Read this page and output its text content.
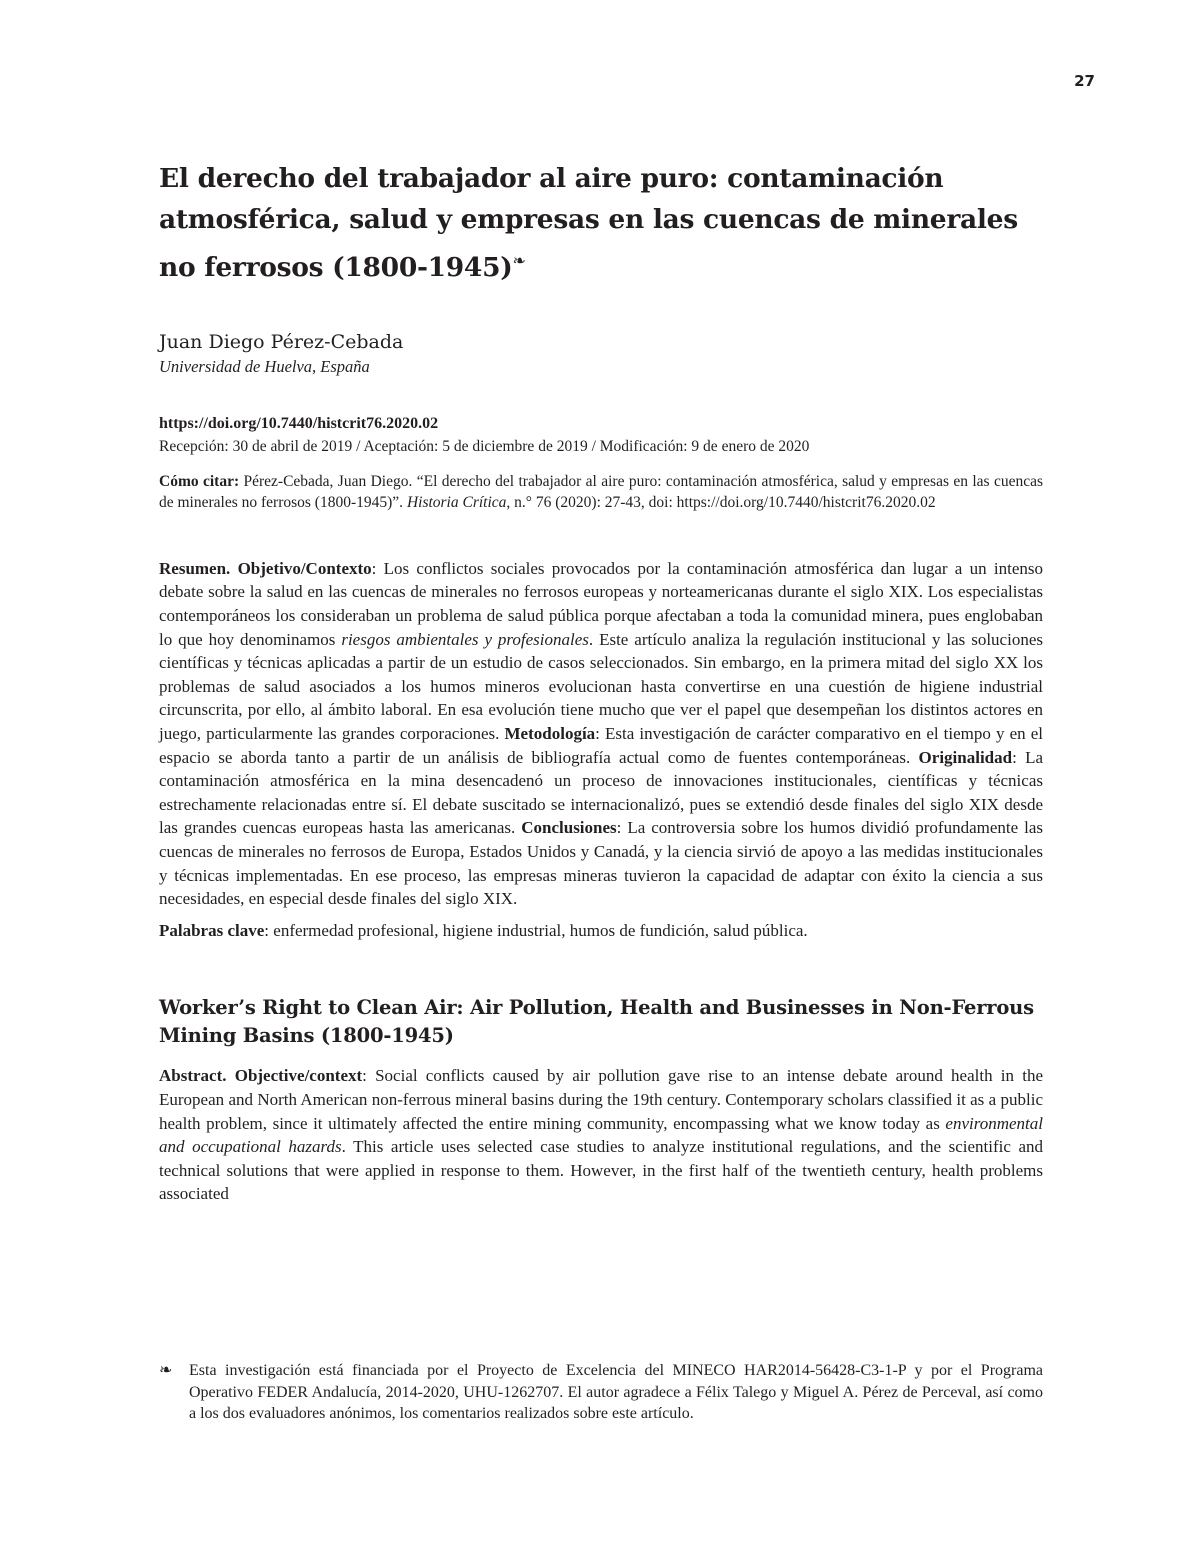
27
El derecho del trabajador al aire puro: contaminación atmosférica, salud y empresas en las cuencas de minerales no ferrosos (1800-1945)❧
Juan Diego Pérez-Cebada
Universidad de Huelva, España
https://doi.org/10.7440/histcrit76.2020.02
Recepción: 30 de abril de 2019 / Aceptación: 5 de diciembre de 2019 / Modificación: 9 de enero de 2020
Cómo citar: Pérez-Cebada, Juan Diego. “El derecho del trabajador al aire puro: contaminación atmosférica, salud y empresas en las cuencas de minerales no ferrosos (1800-1945)”. Historia Crítica, n.° 76 (2020): 27-43, doi: https://doi.org/10.7440/histcrit76.2020.02
Resumen. Objetivo/Contexto: Los conflictos sociales provocados por la contaminación atmosférica dan lugar a un intenso debate sobre la salud en las cuencas de minerales no ferrosos europeas y norteamericanas durante el siglo XIX. Los especialistas contemporáneos los consideraban un problema de salud pública porque afectaban a toda la comunidad minera, pues englobaban lo que hoy denominamos riesgos ambientales y profesionales. Este artículo analiza la regulación institucional y las soluciones científicas y técnicas aplicadas a partir de un estudio de casos seleccionados. Sin embargo, en la primera mitad del siglo XX los problemas de salud asociados a los humos mineros evolucionan hasta convertirse en una cuestión de higiene industrial circunscrita, por ello, al ámbito laboral. En esa evolución tiene mucho que ver el papel que desempeñan los distintos actores en juego, particularmente las grandes corporaciones. Metodología: Esta investigación de carácter comparativo en el tiempo y en el espacio se aborda tanto a partir de un análisis de bibliografía actual como de fuentes contemporáneas. Originalidad: La contaminación atmosférica en la mina desencadenó un proceso de innovaciones institucionales, científicas y técnicas estrechamente relacionadas entre sí. El debate suscitado se internacionalizó, pues se extendió desde finales del siglo XIX desde las grandes cuencas europeas hasta las americanas. Conclusiones: La controversia sobre los humos dividió profundamente las cuencas de minerales no ferrosos de Europa, Estados Unidos y Canadá, y la ciencia sirvió de apoyo a las medidas institucionales y técnicas implementadas. En ese proceso, las empresas mineras tuvieron la capacidad de adaptar con éxito la ciencia a sus necesidades, en especial desde finales del siglo XIX.
Palabras clave: enfermedad profesional, higiene industrial, humos de fundición, salud pública.
Worker’s Right to Clean Air: Air Pollution, Health and Businesses in Non-Ferrous Mining Basins (1800-1945)
Abstract. Objective/context: Social conflicts caused by air pollution gave rise to an intense debate around health in the European and North American non-ferrous mineral basins during the 19th century. Contemporary scholars classified it as a public health problem, since it ultimately affected the entire mining community, encompassing what we know today as environmental and occupational hazards. This article uses selected case studies to analyze institutional regulations, and the scientific and technical solutions that were applied in response to them. However, in the first half of the twentieth century, health problems associated
❧	Esta investigación está financiada por el Proyecto de Excelencia del MINECO HAR2014-56428-C3-1-P y por el Programa Operativo FEDER Andalucía, 2014-2020, UHU-1262707. El autor agradece a Félix Talego y Miguel A. Pérez de Perceval, así como a los dos evaluadores anónimos, los comentarios realizados sobre este artículo.
